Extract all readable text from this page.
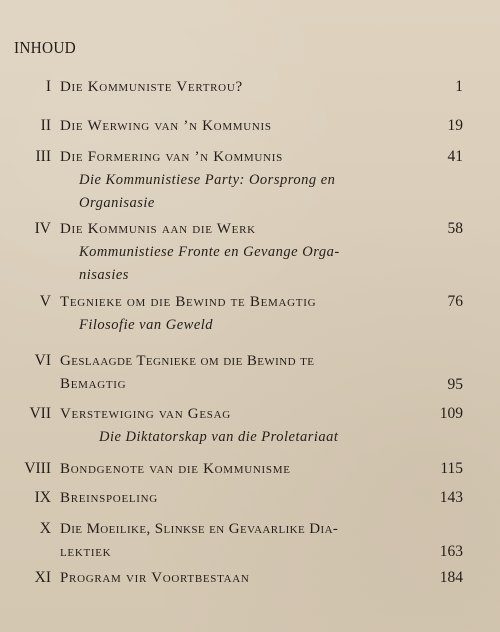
INHOUD
I Die Kommuniste Vertrou?	1
II Die Werwing van ’n Kommunis	19
III Die Formering van ’n Kommunis	41
Die Kommunistiese Party: Oorsprong en
Organisasie
IV Die Kommunis aan die Werk	58
Kommunistiese Fronte en Gevange Orga-
nisasies
V Tegnieke om die Bewind te Bemagtig	76
Filosofie van Geweld
VI Geslaagde Tegnieke om die Bewind te
Bemagtig	95
VII Verstewiging van Gesag	109
Die Diktatorskap van die Proletariaat
VIII Bondgenote van die Kommunisme	115
IX Breinspoeling	143
X Die Moeilike, Slinkse en Gevaarlike Dia-
lektiek	163
XI Program vir Voortbestaan	184
